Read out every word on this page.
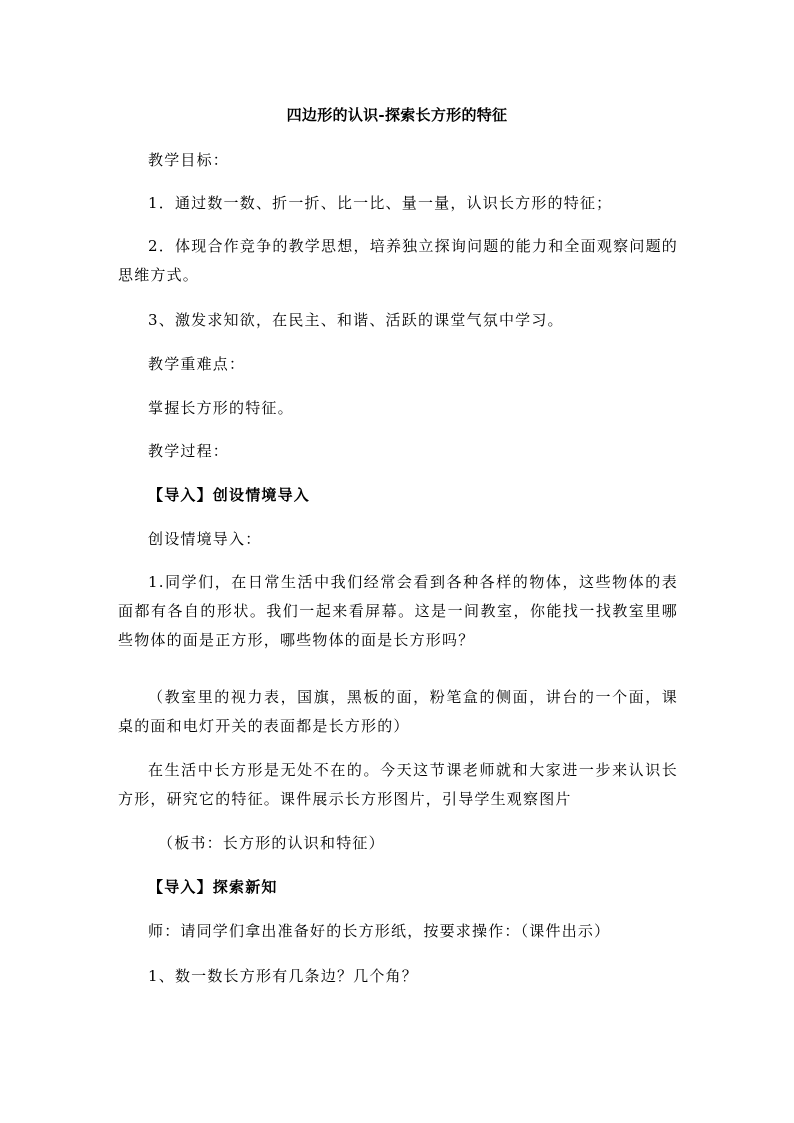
四边形的认识-探索长方形的特征
教学目标：
1．通过数一数、折一折、比一比、量一量，认识长方形的特征；
2．体现合作竞争的教学思想，培养独立探询问题的能力和全面观察问题的思维方式。
3、激发求知欲，在民主、和谐、活跃的课堂气氛中学习。
教学重难点：
掌握长方形的特征。
教学过程：
【导入】创设情境导入
创设情境导入：
1.同学们，在日常生活中我们经常会看到各种各样的物体，这些物体的表面都有各自的形状。我们一起来看屏幕。这是一间教室，你能找一找教室里哪些物体的面是正方形，哪些物体的面是长方形吗？
（教室里的视力表，国旗，黑板的面，粉笔盒的侧面，讲台的一个面，课桌的面和电灯开关的表面都是长方形的）
在生活中长方形是无处不在的。今天这节课老师就和大家进一步来认识长方形，研究它的特征。课件展示长方形图片，引导学生观察图片
（板书：长方形的认识和特征）
【导入】探索新知
师：请同学们拿出准备好的长方形纸，按要求操作：（课件出示）
1、数一数长方形有几条边？几个角？
